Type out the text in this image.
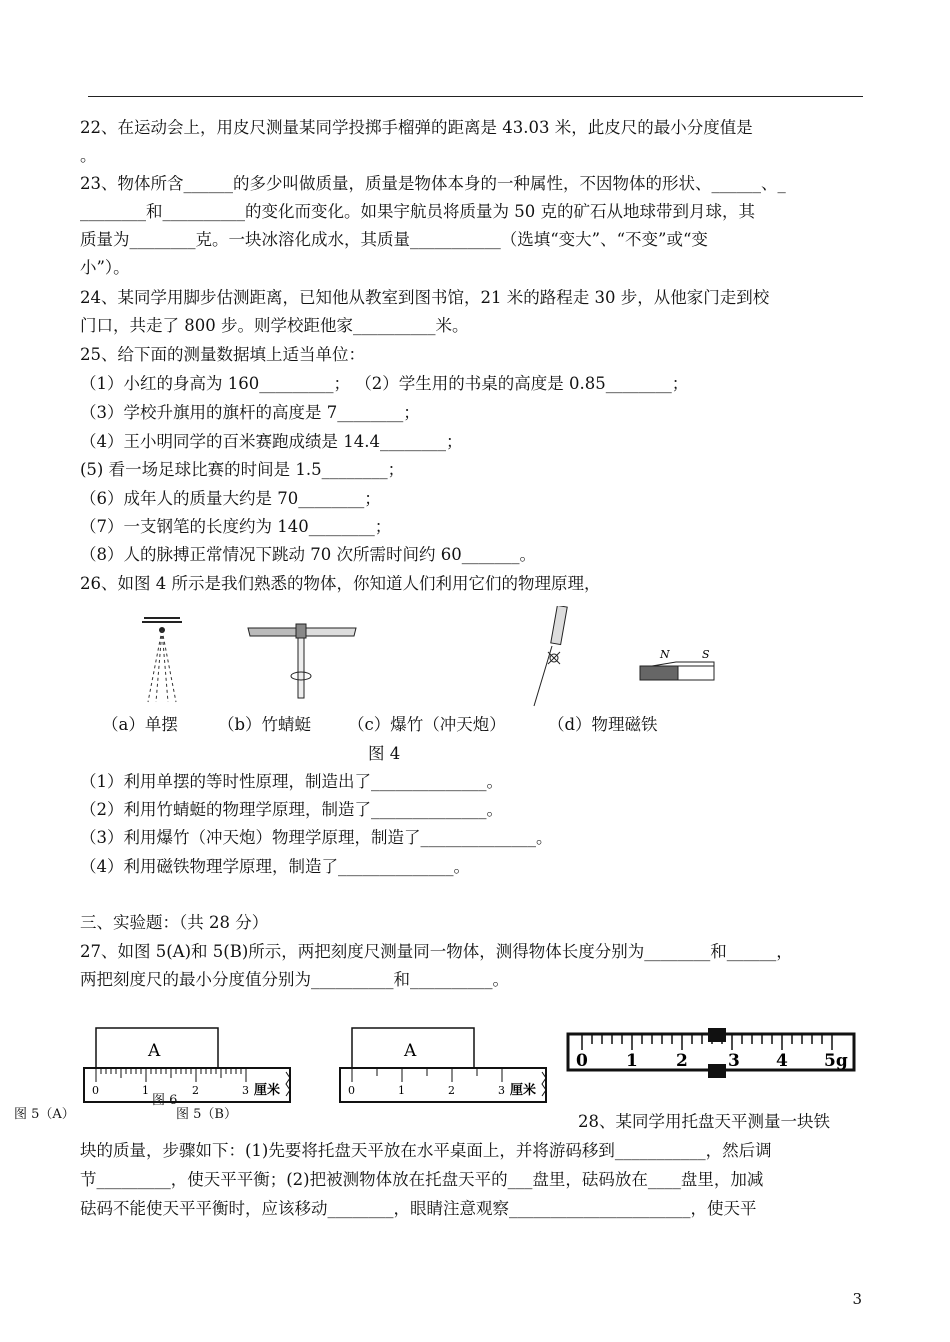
22、在运动会上，用皮尺测量某同学投掷手榴弹的距离是 43.03 米，此皮尺的最小分度值是
。
23、物体所含______的多少叫做质量，质量是物体本身的一种属性，不因物体的形状、______、_
________和__________的变化而变化。如果宇航员将质量为 50 克的矿石从地球带到月球，其
质量为________克。一块冰溶化成水，其质量___________（选填“变大”、“不变”或“变
小”）。
24、某同学用脚步估测距离，已知他从教室到图书馆，21 米的路程走 30 步，从他家门走到校
门口，共走了 800 步。则学校距他家__________米。
25、给下面的测量数据填上适当单位：
（1）小红的身高为 160_________； （2）学生用的书桌的高度是 0.85________；
（3）学校升旗用的旗杆的高度是 7________；
（4）王小明同学的百米赛跑成绩是 14.4________；
(5) 看一场足球比赛的时间是 1.5________；
（6）成年人的质量大约是 70________；
（7）一支钢笔的长度约为 140________；
（8）人的脉搏正常情况下跳动 70 次所需时间约 60_______。
26、如图 4 所示是我们熟悉的物体，你知道人们利用它们的物理原理，
N	S
（a）单摆 （b）竹蜻蜓 （c）爆竹（冲天炮）	（d）物理磁铁
图 4
（1）利用单摆的等时性原理，制造出了______________。
（2）利用竹蜻蜓的物理学原理，制造了______________。
（3）利用爆竹（冲天炮）物理学原理，制造了______________。
（4）利用磁铁物理学原理，制造了______________。
三、实验题：（共 28 分）
27、如图 5(A)和 5(B)所示，两把刻度尺测量同一物体，测得物体长度分别为________和______，
两把刻度尺的最小分度值分别为__________和__________。
A
0	1	2	3 厘米
A
0	1	2	3 厘米
0 1 2 3 4 5g
图 5（A）	图 5（B）
图 6
28、某同学用托盘天平测量一块铁
块的质量，步骤如下：(1)先要将托盘天平放在水平桌面上，并将游码移到___________，然后调
节_________，使天平平衡；(2)把被测物体放在托盘天平的___盘里，砝码放在____盘里，加减
砝码不能使天平平衡时，应该移动________，眼睛注意观察______________________，使天平
3
